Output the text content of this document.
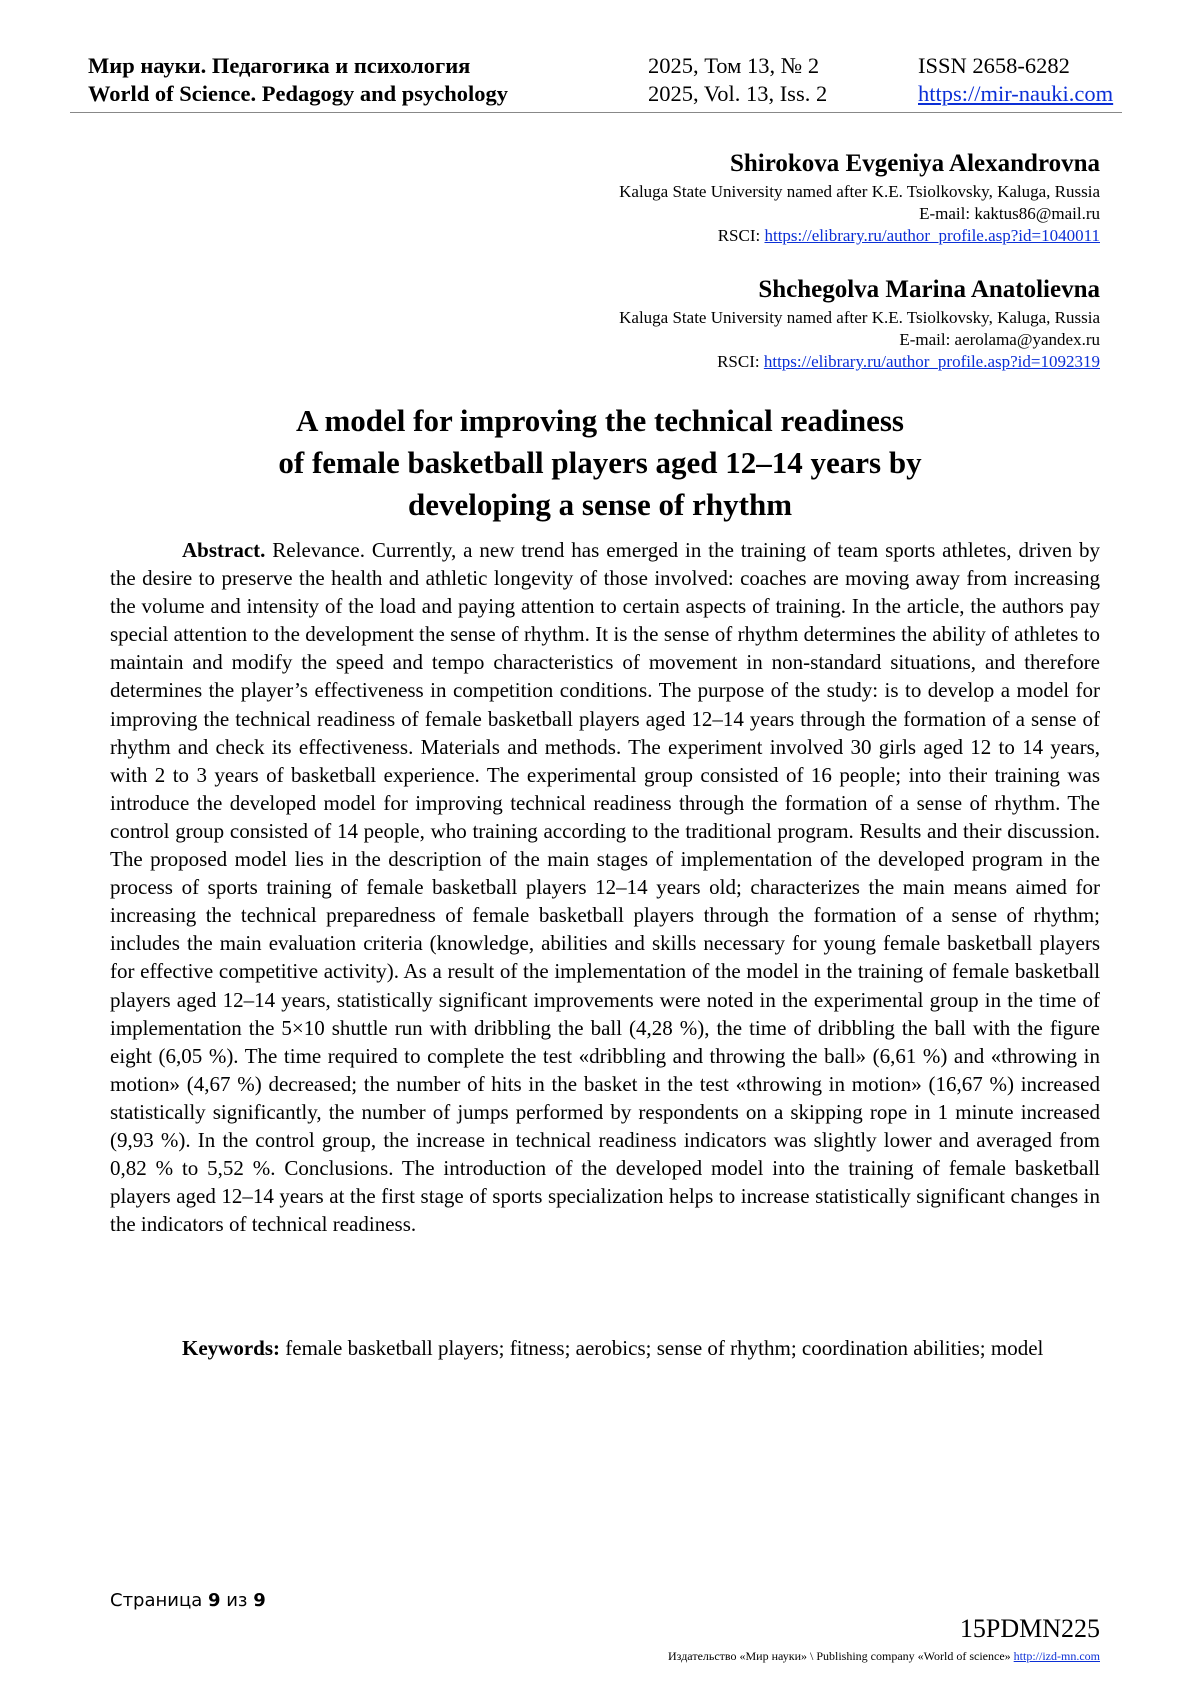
Мир науки. Педагогика и психология	2025, Том 13, № 2	ISSN 2658-6282
World of Science. Pedagogy and psychology	2025, Vol. 13, Iss. 2	https://mir-nauki.com
Shirokova Evgeniya Alexandrovna
Kaluga State University named after K.E. Tsiolkovsky, Kaluga, Russia
E-mail: kaktus86@mail.ru
RSCI: https://elibrary.ru/author_profile.asp?id=1040011
Shchegolva Marina Anatolievna
Kaluga State University named after K.E. Tsiolkovsky, Kaluga, Russia
E-mail: aerolama@yandex.ru
RSCI: https://elibrary.ru/author_profile.asp?id=1092319
A model for improving the technical readiness
of female basketball players aged 12–14 years by
developing a sense of rhythm

Abstract. Relevance. Currently, a new trend has emerged in the training of team sports athletes, driven by the desire to preserve the health and athletic longevity of those involved: coaches are moving away from increasing the volume and intensity of the load and paying attention to certain aspects of training. In the article, the authors pay special attention to the development the sense of rhythm. It is the sense of rhythm determines the ability of athletes to maintain and modify the speed and tempo characteristics of movement in non-standard situations, and therefore determines the player’s effectiveness in competition conditions. The purpose of the study: is to develop a model for improving the technical readiness of female basketball players aged 12–14 years through the formation of a sense of rhythm and check its effectiveness. Materials and methods. The experiment involved 30 girls aged 12 to 14 years, with 2 to 3 years of basketball experience. The experimental group consisted of 16 people; into their training was introduce the developed model for improving technical readiness through the formation of a sense of rhythm. The control group consisted of 14 people, who training according to the traditional program. Results and their discussion. The proposed model lies in the description of the main stages of implementation of the developed program in the process of sports training of female basketball players 12–14 years old; characterizes the main means aimed for increasing the technical preparedness of female basketball players through the formation of a sense of rhythm; includes the main evaluation criteria (knowledge, abilities and skills necessary for young female basketball players for effective competitive activity). As a result of the implementation of the model in the training of female basketball players aged 12–14 years, statistically significant improvements were noted in the experimental group in the time of implementation the 5×10 shuttle run with dribbling the ball (4,28 %), the time of dribbling the ball with the figure eight (6,05 %). The time required to complete the test «dribbling and throwing the ball» (6,61 %) and «throwing in motion» (4,67 %) decreased; the number of hits in the basket in the test «throwing in motion» (16,67 %) increased statistically significantly, the number of jumps performed by respondents on a skipping rope in 1 minute increased (9,93 %). In the control group, the increase in technical readiness indicators was slightly lower and averaged from 0,82 % to 5,52 %. Conclusions. The introduction of the developed model into the training of female basketball players aged 12–14 years at the first stage of sports specialization helps to increase statistically significant changes in the indicators of technical readiness.

Keywords: female basketball players; fitness; aerobics; sense of rhythm; coordination abilities; model

Страница 9 из 9
15PDMN225
Издательство «Мир науки» \ Publishing company «World of science» http://izd-mn.com
